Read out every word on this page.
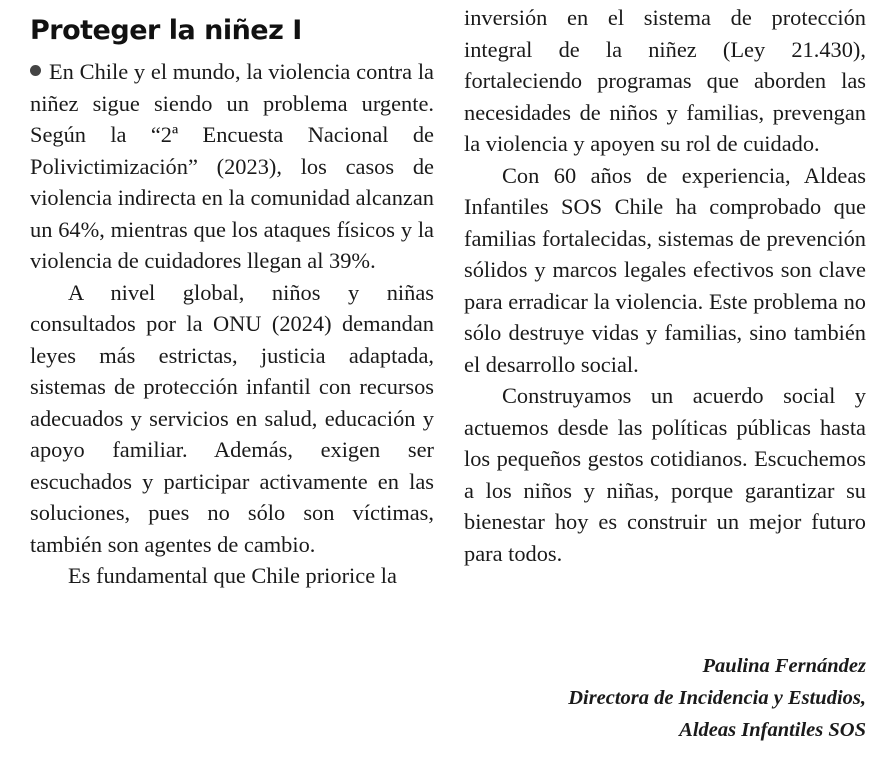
Proteger la niñez I

En Chile y el mundo, la violencia contra la niñez sigue siendo un problema urgente. Según la “2ª Encuesta Nacional de Polivictimización” (2023), los casos de violencia indirecta en la comunidad alcanzan un 64%, mientras que los ataques físicos y la violencia de cuidadores llegan al 39%.

A nivel global, niños y niñas consultados por la ONU (2024) demandan leyes más estrictas, justicia adaptada, sistemas de protección infantil con recursos adecuados y servicios en salud, educación y apoyo familiar. Además, exigen ser escuchados y participar activamente en las soluciones, pues no sólo son víctimas, también son agentes de cambio.

Es fundamental que Chile priorice la

inversión en el sistema de protección integral de la niñez (Ley 21.430), fortaleciendo programas que aborden las necesidades de niños y familias, prevengan la violencia y apoyen su rol de cuidado.

Con 60 años de experiencia, Aldeas Infantiles SOS Chile ha comprobado que familias fortalecidas, sistemas de prevención sólidos y marcos legales efectivos son clave para erradicar la violencia. Este problema no sólo destruye vidas y familias, sino también el desarrollo social.

Construyamos un acuerdo social y actuemos desde las políticas públicas hasta los pequeños gestos cotidianos. Escuchemos a los niños y niñas, porque garantizar su bienestar hoy es construir un mejor futuro para todos.

Paulina Fernández
Directora de Incidencia y Estudios,
Aldeas Infantiles SOS
